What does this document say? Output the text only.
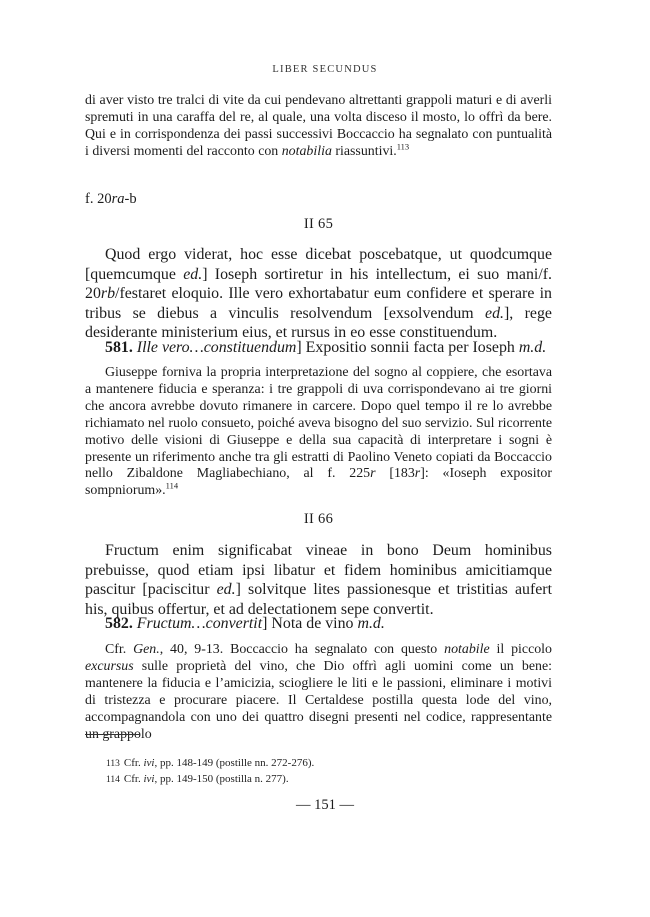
LIBER SECUNDUS

di aver visto tre tralci di vite da cui pendevano altrettanti grappoli maturi e di averli spremuti in una caraffa del re, al quale, una volta disceso il mosto, lo offrì da bere. Qui e in corrispondenza dei passi successivi Boccaccio ha segnalato con puntualità i diversi momenti del racconto con notabilia riassuntivi.$^{113}$

f. 20ra-b

II 65

Quod ergo viderat, hoc esse dicebat poscebatque, ut quodcumque [quemcumque ed.] Ioseph sortiretur in his intellectum, ei suo mani/f. 20rb/festaret eloquio. Ille vero exhortabatur eum confidere et sperare in tribus se diebus a vinculis resolvendum [exsolvendum ed.], rege desiderante ministerium eius, et rursus in eo esse constituendum.

581. Ille vero…constituendum] Expositio sonnii facta per Ioseph m.d.

Giuseppe forniva la propria interpretazione del sogno al coppiere, che esortava a mantenere fiducia e speranza: i tre grappoli di uva corrispondevano ai tre giorni che ancora avrebbe dovuto rimanere in carcere. Dopo quel tempo il re lo avrebbe richiamato nel ruolo consueto, poiché aveva bisogno del suo servizio. Sul ricorrente motivo delle visioni di Giuseppe e della sua capacità di interpretare i sogni è presente un riferimento anche tra gli estratti di Paolino Veneto copiati da Boccaccio nello Zibaldone Magliabechiano, al f. 225r [183r]: «Ioseph expositor sompniorum».$^{114}$

II 66

Fructum enim significabat vineae in bono Deum hominibus prebuisse, quod etiam ipsi libatur et fidem hominibus amicitiamque pascitur [paciscitur ed.] solvitque lites passionesque et tristitias aufert his, quibus offertur, et ad delectationem sepe convertit.

582. Fructum…convertit] Nota de vino m.d.

Cfr. Gen., 40, 9-13. Boccaccio ha segnalato con questo notabile il piccolo excursus sulle proprietà del vino, che Dio offrì agli uomini come un bene: mantenere la fiducia e l’amicizia, sciogliere le liti e le passioni, eliminare i motivi di tristezza e procurare piacere. Il Certaldese postilla questa lode del vino, accompagnandola con uno dei quattro disegni presenti nel codice, rappresentante un grappolo

113 Cfr. ivi, pp. 148-149 (postille nn. 272-276).
114 Cfr. ivi, pp. 149-150 (postilla n. 277).
— 151 —
